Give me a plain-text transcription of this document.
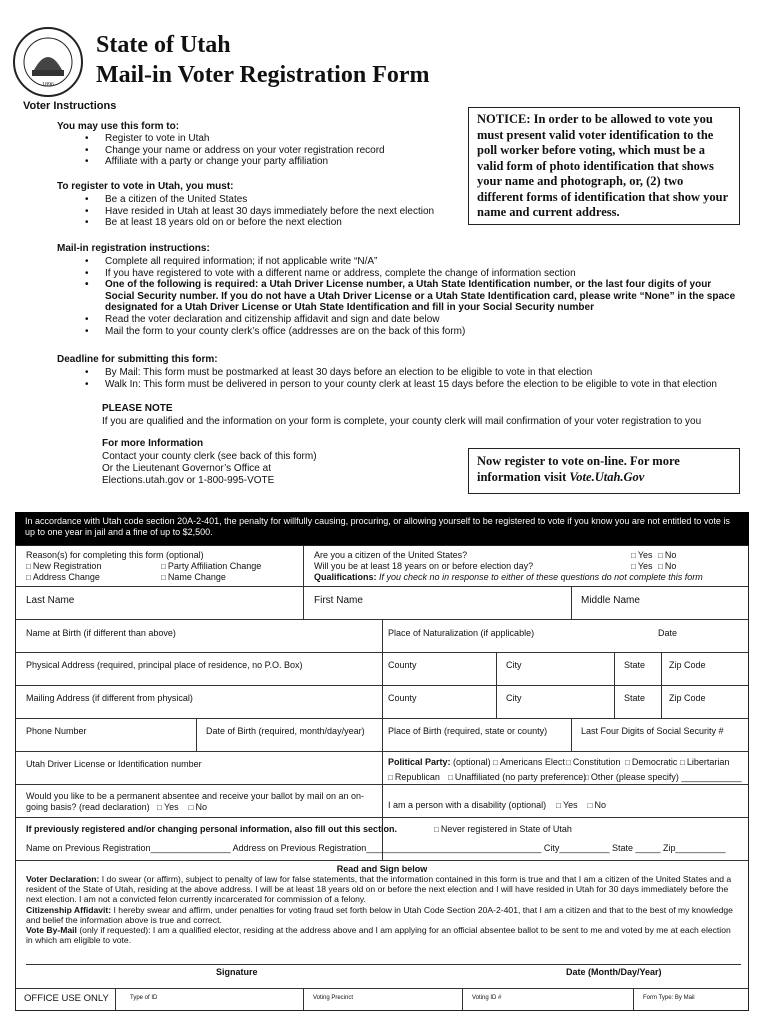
1896
State of Utah
Mail-in Voter Registration Form
Voter Instructions
You may use this form to:
• Register to vote in Utah
• Change your name or address on your voter registration record
• Affiliate with a party or change your party affiliation
To register to vote in Utah, you must:
• Be a citizen of the United States
• Have resided in Utah at least 30 days immediately before the next election
• Be at least 18 years old on or before the next election
Mail-in registration instructions:
• Complete all required information; if not applicable write “N/A”
• If you have registered to vote with a different name or address, complete the change of information section
• One of the following is required: a Utah Driver License number, a Utah State Identification number, or the last four digits of your
Social Security number. If you do not have a Utah Driver License or a Utah State Identification card, please write “None” in the space
designated for a Utah Driver License or Utah State Identification and fill in your Social Security number
• Read the voter declaration and citizenship affidavit and sign and date below
• Mail the form to your county clerk’s office (addresses are on the back of this form)
Deadline for submitting this form:
• By Mail: This form must be postmarked at least 30 days before an election to be eligible to vote in that election
• Walk In: This form must be delivered in person to your county clerk at least 15 days before the election to be eligible to vote in that election
PLEASE NOTE
If you are qualified and the information on your form is complete, your county clerk will mail confirmation of your voter registration to you
For more Information
Contact your county clerk (see back of this form)
Or the Lieutenant Governor’s Office at
Elections.utah.gov or 1-800-995-VOTE
NOTICE: In order to be allowed to vote you must present valid voter identification to the poll worker before voting, which must be a valid form of photo identification that shows your name and photograph, or, (2) two different forms of identification that show your name and current address.
Now register to vote on-line. For more information visit Vote.Utah.Gov
In accordance with Utah code section 20A-2-401, the penalty for willfully causing, procuring, or allowing yourself to be registered to vote if you know you are not entitled to vote is up to one year in jail and a fine of up to $2,500.
Reason(s) for completing this form (optional)
□ New Registration	□ Party Affiliation Change
□ Address Change	□ Name Change
Are you a citizen of the United States?	□ Yes	□ No
Will you be at least 18 years on or before election day?	□ Yes	□ No
Qualifications: If you check no in response to either of these questions do not complete this form
Last Name	First Name	Middle Name
Name at Birth (if different than above)	Place of Naturalization (if applicable)	Date
Physical Address (required, principal place of residence, no P.O. Box)	County	City	State	Zip Code
Mailing Address (if different from physical)	County	City	State	Zip Code
Phone Number	Date of Birth (required, month/day/year)	Place of Birth (required, state or county)	Last Four Digits of Social Security #
Utah Driver License or Identification number	Political Party: (optional)	□ Americans Elect □ Constitution	□ Democratic	□ Libertarian
□ Republican	□ Unaffiliated (no party preference) □ Other (please specify) ____________
Would you like to be a permanent absentee and receive your ballot by mail on an on-
going basis? (read declaration) □ Yes □ No	I am a person with a disability (optional) □ Yes □ No
If previously registered and/or changing personal information, also fill out this section.	□ Never registered in State of Utah
Name on Previous Registration________________ Address on Previous Registration___________________________________ City__________ State _____ Zip__________
Read and Sign below
Voter Declaration: I do swear (or affirm), subject to penalty of law for false statements, that the information contained in this form is true and that I am a citizen of the United States and a resident of the State of Utah, residing at the above address. I will be at least 18 years old on or before the next election and I will have resided in Utah for 30 days immediately before the next election. I am not a convicted felon currently incarcerated for commission of a felony.
Citizenship Affidavit: I hereby swear and affirm, under penalties for voting fraud set forth below in Utah Code Section 20A-2-401, that I am a citizen and that to the best of my knowledge and belief the information above is true and correct.
Vote By-Mail (only if requested): I am a qualified elector, residing at the address above and I am applying for an official absentee ballot to be sent to me and voted by me at each election in which am eligible to vote.
Signature	Date (Month/Day/Year)
OFFICE USE ONLY	Type of ID	Voting Precinct	Voting ID #	Form Type: By Mail
